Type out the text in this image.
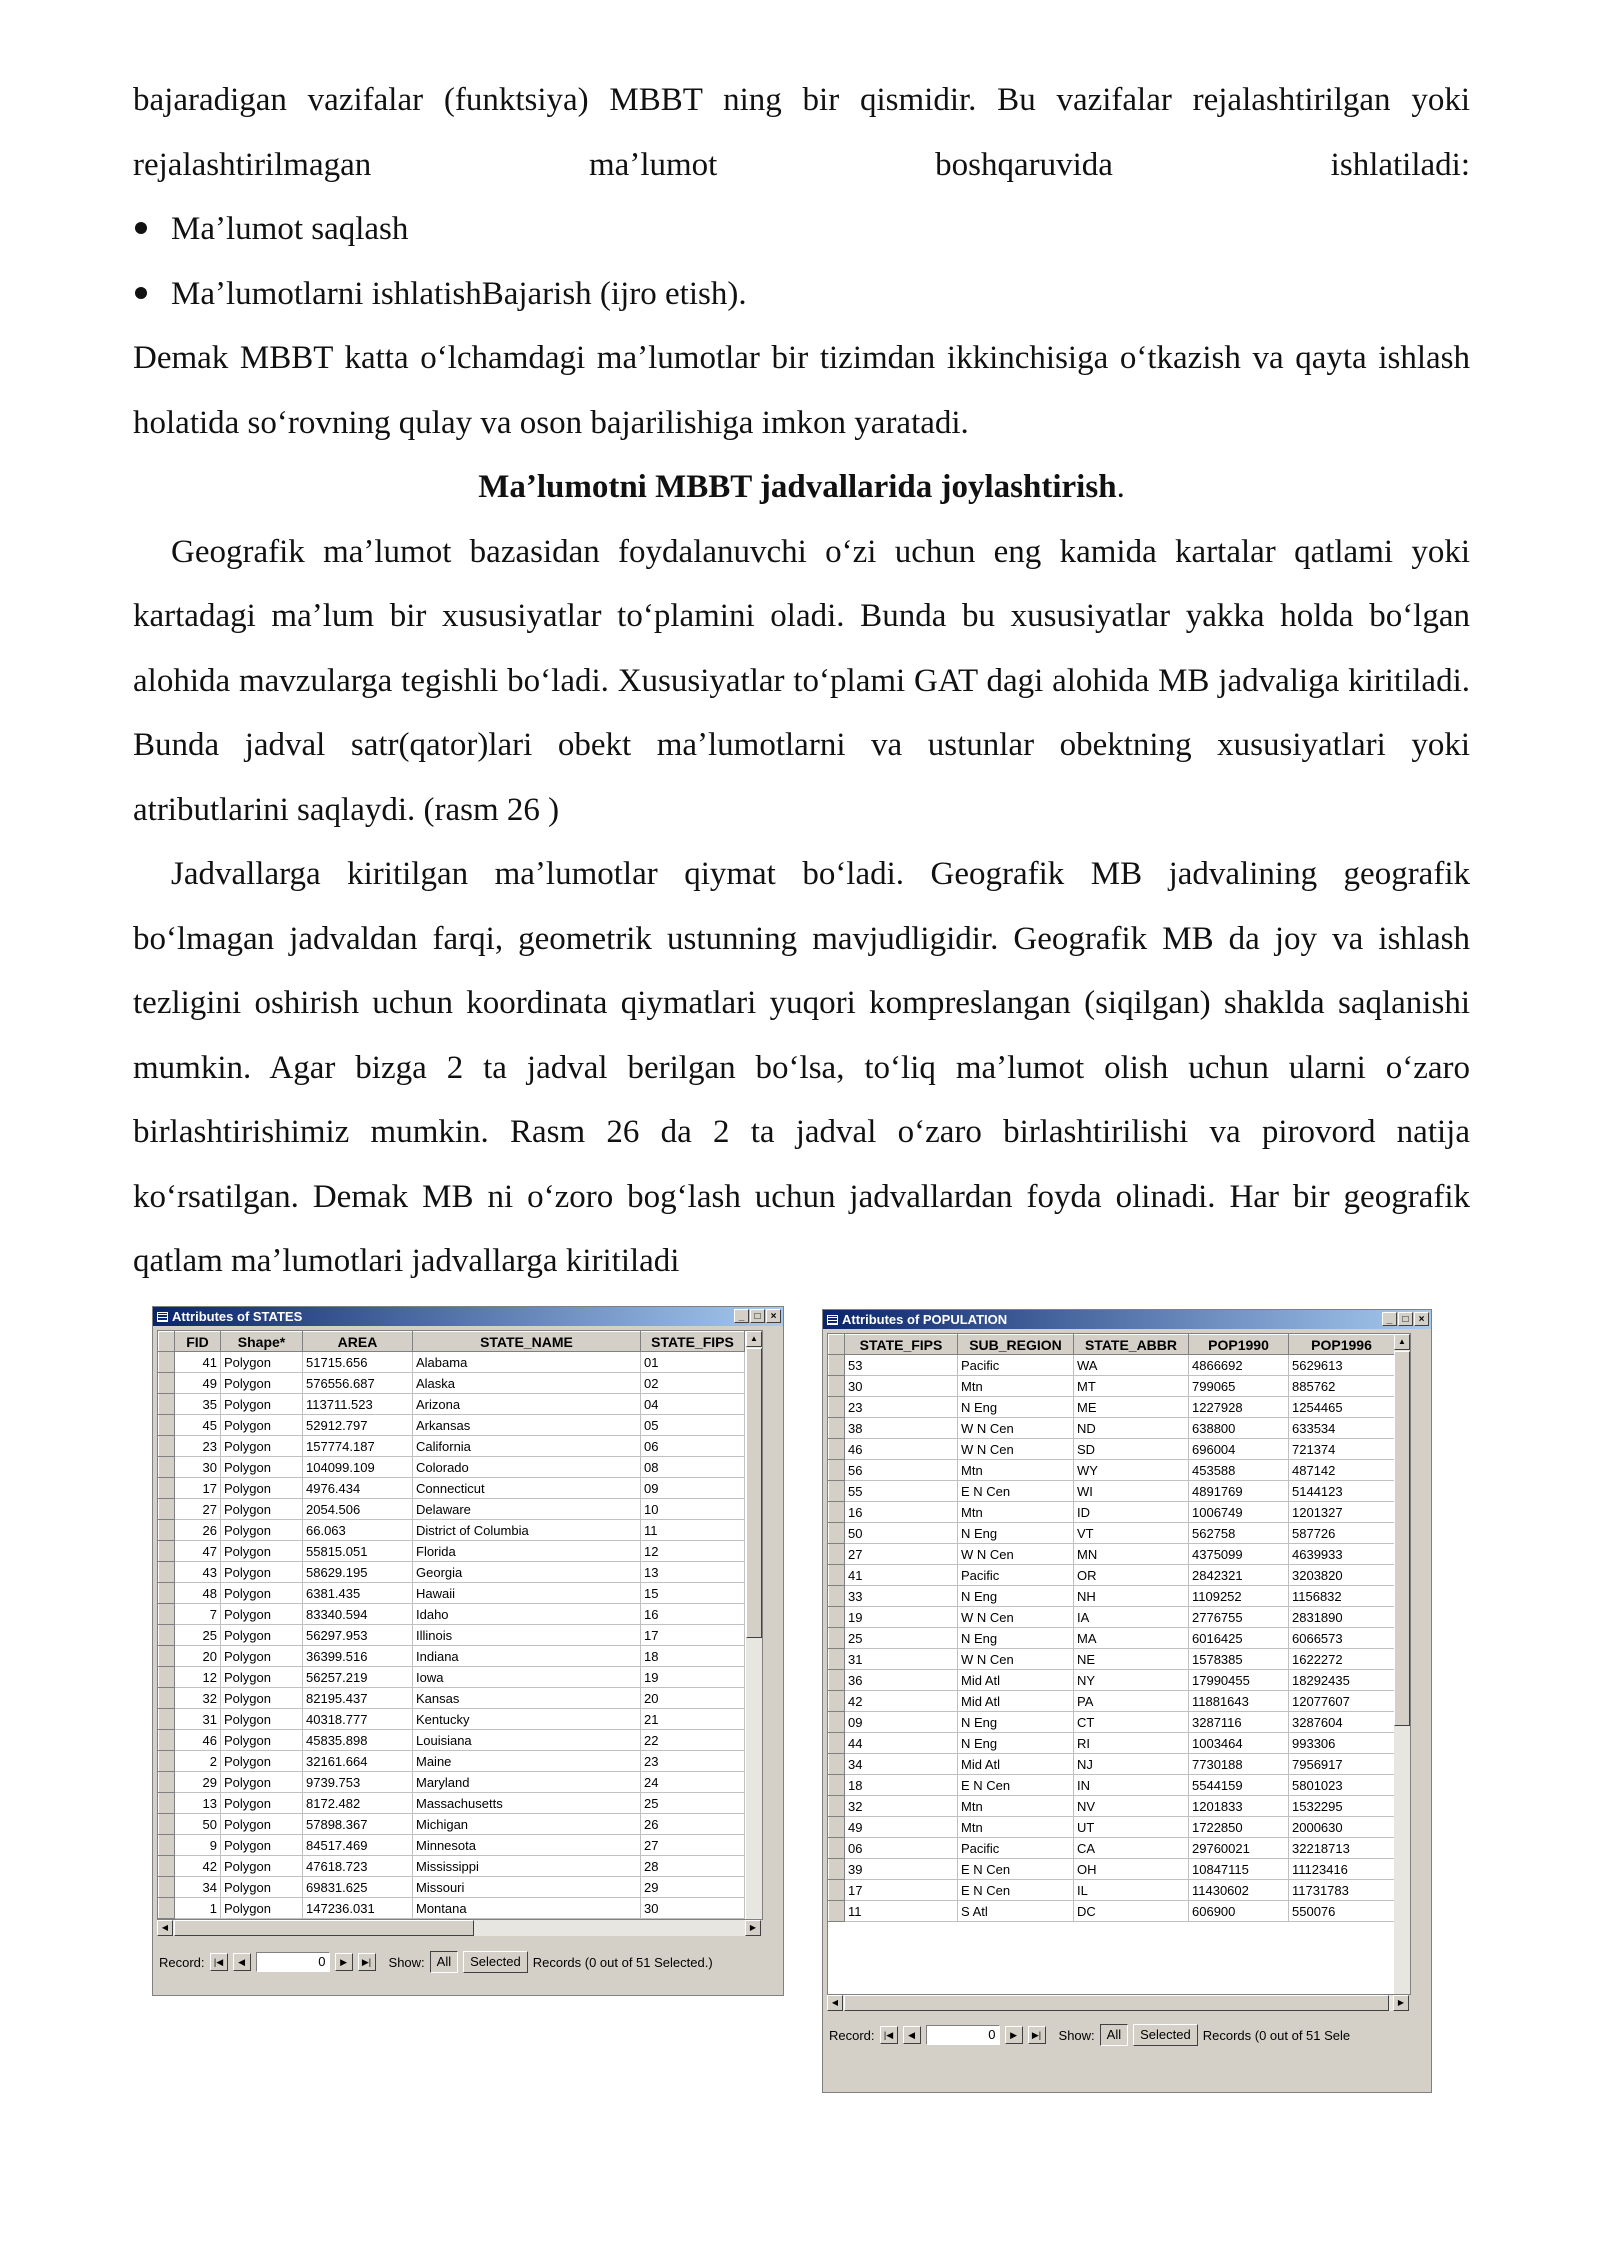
bajaradigan vazifalar (funktsiya) MBBT ning bir qismidir. Bu vazifalar rejalashtirilgan yoki rejalashtirilmagan maʼlumot boshqaruvida ishlatiladi:

Maʼlumot saqlash
Maʼlumotlarni ishlatishBajarish (ijro etish).

Demak MBBT katta oʻlchamdagi maʼlumotlar bir tizimdan ikkinchisiga oʻtkazish va qayta ishlash holatida soʻrovning qulay va oson bajarilishiga imkon yaratadi.

Maʼlumotni MBBT jadvallarida joylashtirish.

Geografik maʼlumot bazasidan foydalanuvchi oʻzi uchun eng kamida kartalar qatlami yoki kartadagi maʼlum bir xususiyatlar toʻplamini oladi. Bunda bu xususiyatlar yakka holda boʻlgan alohida mavzularga tegishli boʻladi. Xususiyatlar toʻplami GAT dagi alohida MB jadvaliga kiritiladi. Bunda jadval satr(qator)lari obekt maʼlumotlarni va ustunlar obektning xususiyatlari yoki atributlarini saqlaydi. (rasm 26 )

Jadvallarga kiritilgan maʼlumotlar qiymat boʻladi. Geografik MB jadvalining geografik boʻlmagan jadvaldan farqi, geometrik ustunning mavjudligidir. Geografik MB da joy va ishlash tezligini oshirish uchun koordinata qiymatlari yuqori kompreslangan (siqilgan) shaklda saqlanishi mumkin. Agar bizga 2 ta jadval berilgan boʻlsa, toʻliq maʼlumot olish uchun ularni oʻzaro birlashtirishimiz mumkin. Rasm 26 da 2 ta jadval oʻzaro birlashtirilishi va pirovord natija koʻrsatilgan. Demak MB ni oʻzoro bogʻlash uchun jadvallardan foyda olinadi. Har bir geografik qatlam maʼlumotlari jadvallarga kiritiladi

Attributes of STATES	_	□	×
	FID	Shape*	AREA	STATE_NAME	STATE_FIPS
	41	Polygon	51715.656	Alabama	01
	49	Polygon	576556.687	Alaska	02
	35	Polygon	113711.523	Arizona	04
	45	Polygon	52912.797	Arkansas	05
	23	Polygon	157774.187	California	06
	30	Polygon	104099.109	Colorado	08
	17	Polygon	4976.434	Connecticut	09
	27	Polygon	2054.506	Delaware	10
	26	Polygon	66.063	District of Columbia	11
	47	Polygon	55815.051	Florida	12
	43	Polygon	58629.195	Georgia	13
	48	Polygon	6381.435	Hawaii	15
	7	Polygon	83340.594	Idaho	16
	25	Polygon	56297.953	Illinois	17
	20	Polygon	36399.516	Indiana	18
	12	Polygon	56257.219	Iowa	19
	32	Polygon	82195.437	Kansas	20
	31	Polygon	40318.777	Kentucky	21
	46	Polygon	45835.898	Louisiana	22
	2	Polygon	32161.664	Maine	23
	29	Polygon	9739.753	Maryland	24
	13	Polygon	8172.482	Massachusetts	25
	50	Polygon	57898.367	Michigan	26
	9	Polygon	84517.469	Minnesota	27
	42	Polygon	47618.723	Mississippi	28
	34	Polygon	69831.625	Missouri	29
	1	Polygon	147236.031	Montana	30
▲
◀	▶
Record:	|◀	◀	0	▶	▶|	Show: All	Selected Records (0 out of 51 Selected.)
Attributes of POPULATION	_	□	×
	STATE_FIPS	SUB_REGION	STATE_ABBR	POP1990	POP1996
	53	Pacific	WA	4866692	5629613
	30	Mtn	MT	799065	885762
	23	N Eng	ME	1227928	1254465
	38	W N Cen	ND	638800	633534
	46	W N Cen	SD	696004	721374
	56	Mtn	WY	453588	487142
	55	E N Cen	WI	4891769	5144123
	16	Mtn	ID	1006749	1201327
	50	N Eng	VT	562758	587726
	27	W N Cen	MN	4375099	4639933
	41	Pacific	OR	2842321	3203820
	33	N Eng	NH	1109252	1156832
	19	W N Cen	IA	2776755	2831890
	25	N Eng	MA	6016425	6066573
	31	W N Cen	NE	1578385	1622272
	36	Mid Atl	NY	17990455	18292435
	42	Mid Atl	PA	11881643	12077607
	09	N Eng	CT	3287116	3287604
	44	N Eng	RI	1003464	993306
	34	Mid Atl	NJ	7730188	7956917
	18	E N Cen	IN	5544159	5801023
	32	Mtn	NV	1201833	1532295
	49	Mtn	UT	1722850	2000630
	06	Pacific	CA	29760021	32218713
	39	E N Cen	OH	10847115	11123416
	17	E N Cen	IL	11430602	11731783
	11	S Atl	DC	606900	550076
▲
◀	▶
Record:	|◀	◀	0	▶	▶|	Show: All	Selected Records (0 out of 51 Sele
